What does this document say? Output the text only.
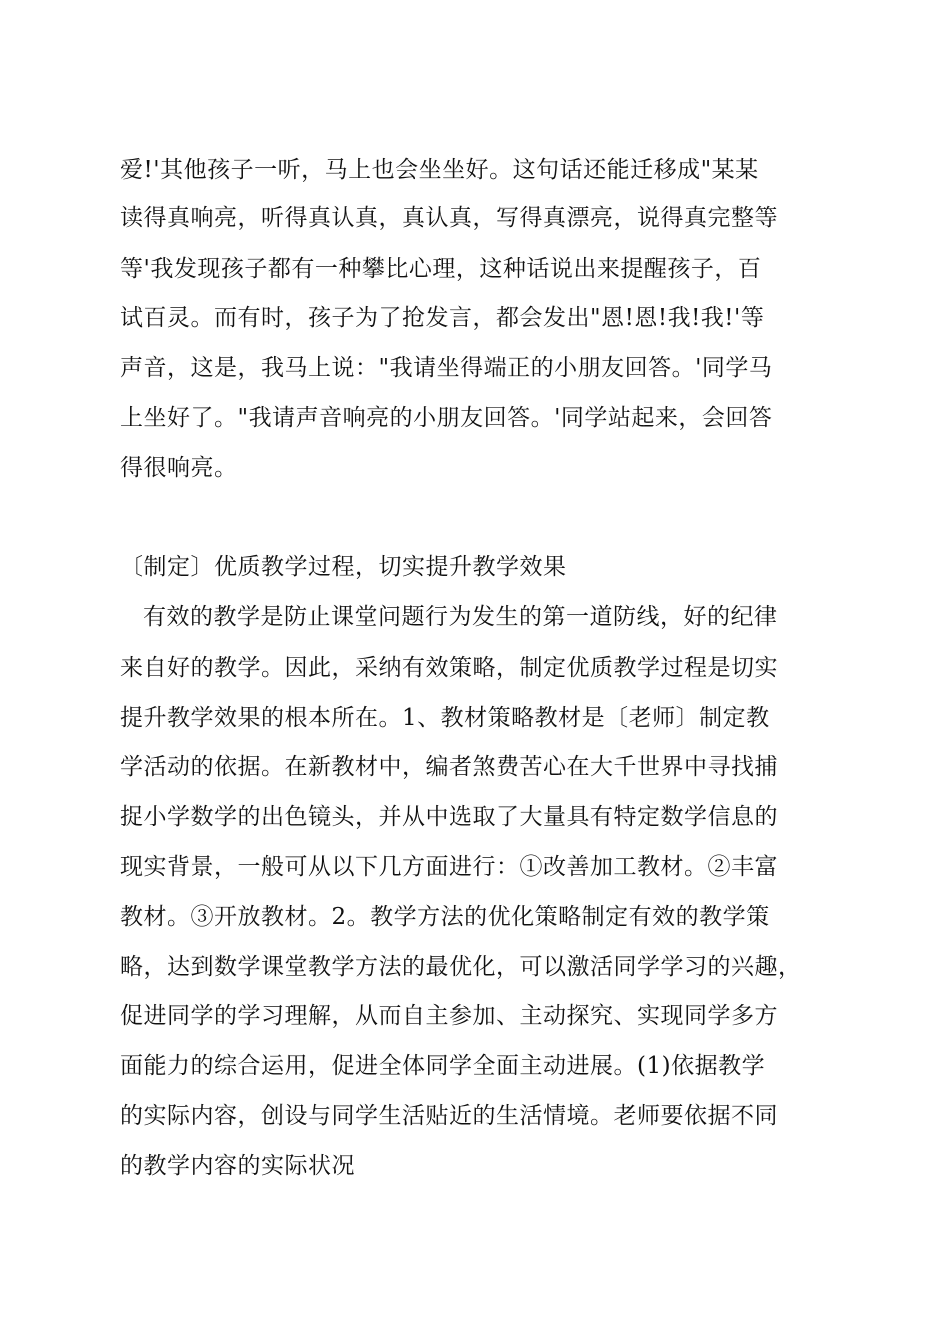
爱!'其他孩子一听，马上也会坐坐好。这句话还能迁移成"某某
读得真响亮，听得真认真，真认真，写得真漂亮，说得真完整等
等'我发现孩子都有一种攀比心理，这种话说出来提醒孩子，百
试百灵。而有时，孩子为了抢发言，都会发出"恩!恩!我!我!'等
声音，这是，我马上说："我请坐得端正的小朋友回答。'同学马
上坐好了。"我请声音响亮的小朋友回答。'同学站起来，会回答
得很响亮。
〔制定〕优质教学过程，切实提升教学效果
有效的教学是防止课堂问题行为发生的第一道防线，好的纪律
来自好的教学。因此，采纳有效策略，制定优质教学过程是切实
提升教学效果的根本所在。1、教材策略教材是〔老师〕制定教
学活动的依据。在新教材中，编者煞费苦心在大千世界中寻找捕
捉小学数学的出色镜头，并从中选取了大量具有特定数学信息的
现实背景，一般可从以下几方面进行：①改善加工教材。②丰富
教材。③开放教材。2。教学方法的优化策略制定有效的教学策
略，达到数学课堂教学方法的最优化，可以激活同学学习的兴趣，
促进同学的学习理解，从而自主参加、主动探究、实现同学多方
面能力的综合运用，促进全体同学全面主动进展。(1)依据教学
的实际内容，创设与同学生活贴近的生活情境。老师要依据不同
的教学内容的实际状况
